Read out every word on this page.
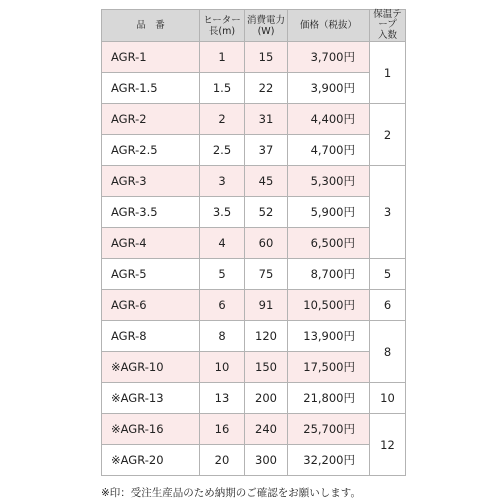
品　番	ヒーター長(m)	消費電力(W)	価格（税抜）	保温テープ
入数
AGR-1	1	15	3,700円	1
AGR-1.5	1.5	22	3,900円	
AGR-2	2	31	4,400円	2
AGR-2.5	2.5	37	4,700円	
AGR-3	3	45	5,300円	3
AGR-3.5	3.5	52	5,900円	
AGR-4	4	60	6,500円	
AGR-5	5	75	8,700円	5
AGR-6	6	91	10,500円	6
AGR-8	8	120	13,900円	8
※AGR-10	10	150	17,500円	
※AGR-13	13	200	21,800円	10
※AGR-16	16	240	25,700円	12
※AGR-20	20	300	32,200円	
※印：受注生産品のため納期のご確認をお願いします。
